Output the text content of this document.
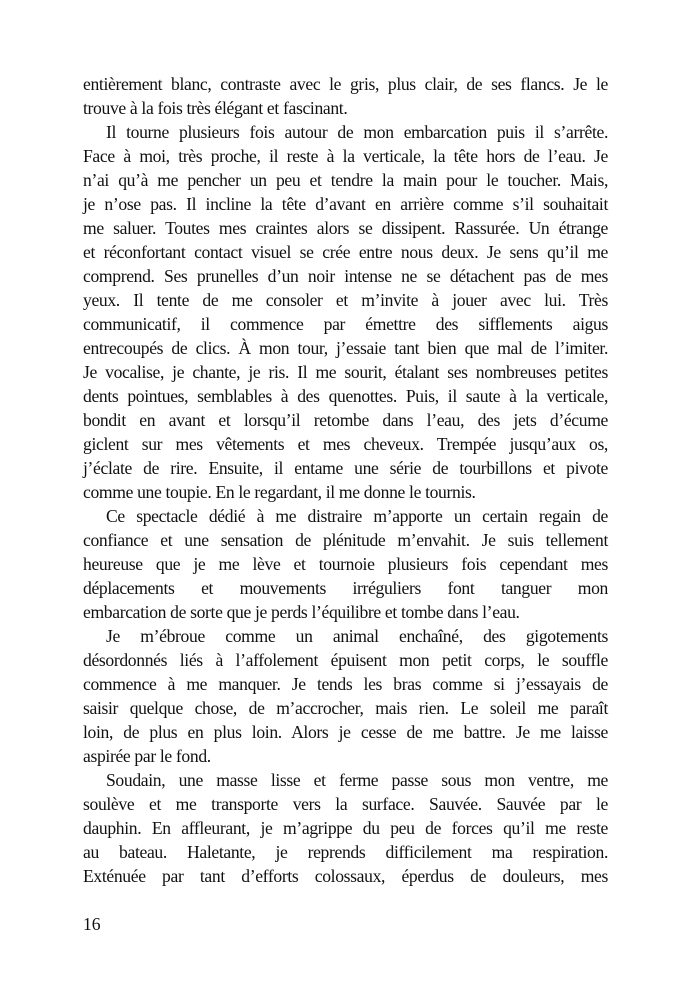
entièrement blanc, contraste avec le gris, plus clair, de ses flancs. Je le
trouve à la fois très élégant et fascinant.
Il tourne plusieurs fois autour de mon embarcation puis il s’arrête.
Face à moi, très proche, il reste à la verticale, la tête hors de l’eau. Je
n’ai qu’à me pencher un peu et tendre la main pour le toucher. Mais,
je n’ose pas. Il incline la tête d’avant en arrière comme s’il souhaitait
me saluer. Toutes mes craintes alors se dissipent. Rassurée. Un étrange
et réconfortant contact visuel se crée entre nous deux. Je sens qu’il me
comprend. Ses prunelles d’un noir intense ne se détachent pas de mes
yeux. Il tente de me consoler et m’invite à jouer avec lui. Très
communicatif, il commence par émettre des sifflements aigus
entrecoupés de clics. À mon tour, j’essaie tant bien que mal de l’imiter.
Je vocalise, je chante, je ris. Il me sourit, étalant ses nombreuses petites
dents pointues, semblables à des quenottes. Puis, il saute à la verticale,
bondit en avant et lorsqu’il retombe dans l’eau, des jets d’écume
giclent sur mes vêtements et mes cheveux. Trempée jusqu’aux os,
j’éclate de rire. Ensuite, il entame une série de tourbillons et pivote
comme une toupie. En le regardant, il me donne le tournis.
Ce spectacle dédié à me distraire m’apporte un certain regain de
confiance et une sensation de plénitude m’envahit. Je suis tellement
heureuse que je me lève et tournoie plusieurs fois cependant mes
déplacements et mouvements irréguliers font tanguer mon
embarcation de sorte que je perds l’équilibre et tombe dans l’eau.
Je m’ébroue comme un animal enchaîné, des gigotements
désordonnés liés à l’affolement épuisent mon petit corps, le souffle
commence à me manquer. Je tends les bras comme si j’essayais de
saisir quelque chose, de m’accrocher, mais rien. Le soleil me paraît
loin, de plus en plus loin. Alors je cesse de me battre. Je me laisse
aspirée par le fond.
Soudain, une masse lisse et ferme passe sous mon ventre, me
soulève et me transporte vers la surface. Sauvée. Sauvée par le
dauphin. En affleurant, je m’agrippe du peu de forces qu’il me reste
au bateau. Haletante, je reprends difficilement ma respiration.
Exténuée par tant d’efforts colossaux, éperdus de douleurs, mes
16
